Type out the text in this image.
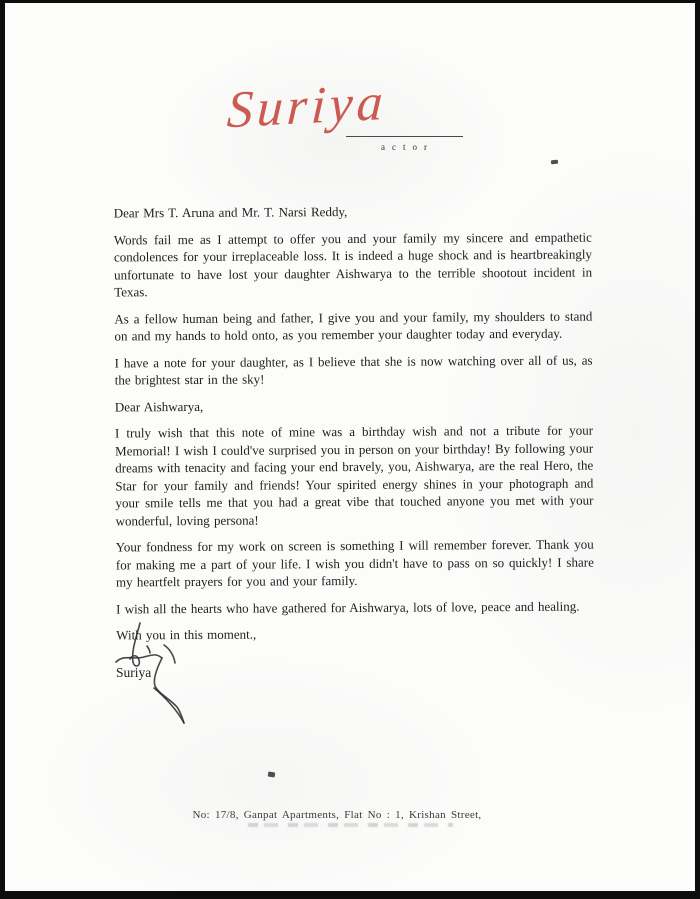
Suriya
actor

Dear Mrs T. Aruna and Mr. T. Narsi Reddy,

Words fail me as I attempt to offer you and your family my sincere and empathetic condolences for your irreplaceable loss. It is indeed a huge shock and is heartbreakingly unfortunate to have lost your daughter Aishwarya to the terrible shootout incident in Texas.

As a fellow human being and father, I give you and your family, my shoulders to stand on and my hands to hold onto, as you remember your daughter today and everyday.

I have a note for your daughter, as I believe that she is now watching over all of us, as the brightest star in the sky!

Dear Aishwarya,

I truly wish that this note of mine was a birthday wish and not a tribute for your Memorial! I wish I could've surprised you in person on your birthday! By following your dreams with tenacity and facing your end bravely, you, Aishwarya, are the real Hero, the Star for your family and friends! Your spirited energy shines in your photograph and your smile tells me that you had a great vibe that touched anyone you met with your wonderful, loving persona!

Your fondness for my work on screen is something I will remember forever. Thank you for making me a part of your life. I wish you didn't have to pass on so quickly! I share my heartfelt prayers for you and your family.

I wish all the hearts who have gathered for Aishwarya, lots of love, peace and healing.

With you in this moment.,

Suriya
No: 17/8, Ganpat Apartments, Flat No : 1, Krishan Street,
